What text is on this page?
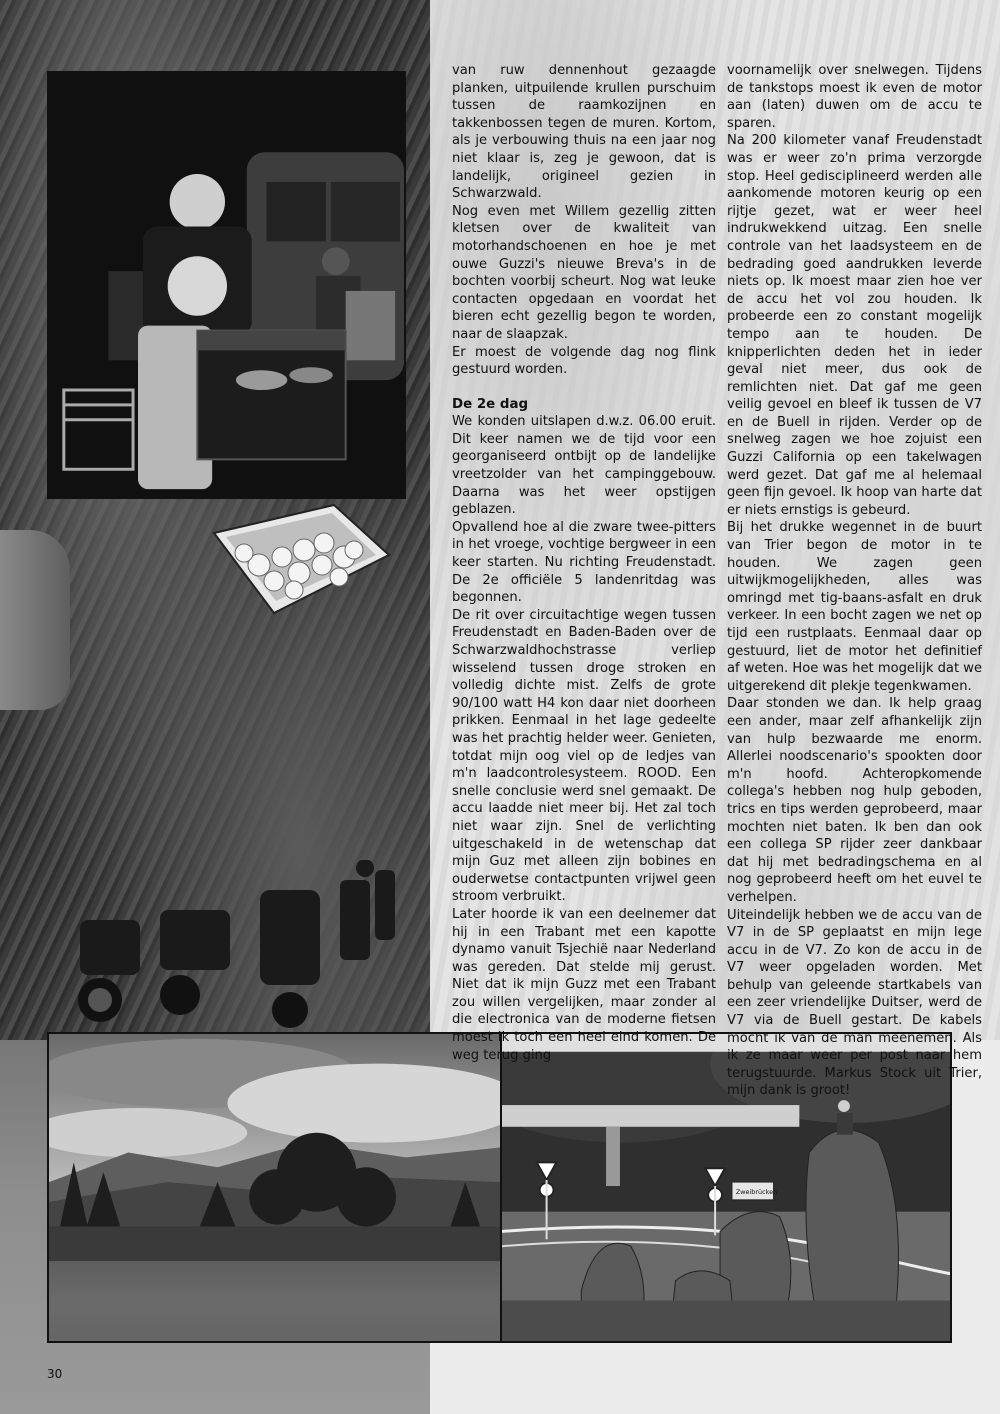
Zweibrücken

van ruw dennenhout gezaagde planken, uitpuilende krullen purschuim tussen de raamkozijnen en takkenbossen tegen de muren. Kortom, als je verbouwing thuis na een jaar nog niet klaar is, zeg je gewoon, dat is landelijk, origineel gezien in Schwarzwald.

Nog even met Willem gezellig zitten kletsen over de kwaliteit van motorhandschoenen en hoe je met ouwe Guzzi's nieuwe Breva's in de bochten voorbij scheurt. Nog wat leuke contacten opgedaan en voordat het bieren echt gezellig begon te worden, naar de slaapzak.

Er moest de volgende dag nog flink gestuurd worden.

De 2e dag

We konden uitslapen d.w.z. 06.00 eruit. Dit keer namen we de tijd voor een georganiseerd ontbijt op de landelijke vreetzolder van het campinggebouw. Daarna was het weer opstijgen geblazen.

Opvallend hoe al die zware twee-pitters in het vroege, vochtige bergweer in een keer starten. Nu richting Freudenstadt. De 2e officiële 5 landenritdag was begonnen.

De rit over circuitachtige wegen tussen Freudenstadt en Baden-Baden over de Schwarzwaldhochstrasse verliep wisselend tussen droge stroken en volledig dichte mist. Zelfs de grote 90/100 watt H4 kon daar niet doorheen prikken. Eenmaal in het lage gedeelte was het prachtig helder weer. Genieten, totdat mijn oog viel op de ledjes van m'n laadcontrolesysteem. ROOD. Een snelle conclusie werd snel gemaakt. De accu laadde niet meer bij. Het zal toch niet waar zijn. Snel de verlichting uitgeschakeld in de wetenschap dat mijn Guz met alleen zijn bobines en ouderwetse contactpunten vrijwel geen stroom verbruikt.

Later hoorde ik van een deelnemer dat hij in een Trabant met een kapotte dynamo vanuit Tsjechië naar Nederland was gereden. Dat stelde mij gerust. Niet dat ik mijn Guzz met een Trabant zou willen vergelijken, maar zonder al die electronica van de moderne fietsen moest ik toch een heel eind komen. De weg terug ging

voornamelijk over snelwegen. Tijdens de tankstops moest ik even de motor aan (laten) duwen om de accu te sparen.

Na 200 kilometer vanaf Freudenstadt was er weer zo'n prima verzorgde stop. Heel gedisciplineerd werden alle aankomende motoren keurig op een rijtje gezet, wat er weer heel indrukwekkend uitzag. Een snelle controle van het laadsysteem en de bedrading goed aandrukken leverde niets op. Ik moest maar zien hoe ver de accu het vol zou houden. Ik probeerde een zo constant mogelijk tempo aan te houden. De knipperlichten deden het in ieder geval niet meer, dus ook de remlichten niet. Dat gaf me geen veilig gevoel en bleef ik tussen de V7 en de Buell in rijden. Verder op de snelweg zagen we hoe zojuist een Guzzi California op een takelwagen werd gezet. Dat gaf me al helemaal geen fijn gevoel. Ik hoop van harte dat er niets ernstigs is gebeurd.

Bij het drukke wegennet in de buurt van Trier begon de motor in te houden. We zagen geen uitwijkmogelijkheden, alles was omringd met tig-baans-asfalt en druk verkeer. In een bocht zagen we net op tijd een rustplaats. Eenmaal daar op gestuurd, liet de motor het definitief af weten. Hoe was het mogelijk dat we uitgerekend dit plekje tegenkwamen.

Daar stonden we dan. Ik help graag een ander, maar zelf afhankelijk zijn van hulp bezwaarde me enorm. Allerlei noodscenario's spookten door m'n hoofd. Achteropkomende collega's hebben nog hulp geboden, trics en tips werden geprobeerd, maar mochten niet baten. Ik ben dan ook een collega SP rijder zeer dankbaar dat hij met bedradingschema en al nog geprobeerd heeft om het euvel te verhelpen.

Uiteindelijk hebben we de accu van de V7 in de SP geplaatst en mijn lege accu in de V7. Zo kon de accu in de V7 weer opgeladen worden. Met behulp van geleende startkabels van een zeer vriendelijke Duitser, werd de V7 via de Buell gestart. De kabels mocht ik van de man meenemen. Als ik ze maar weer per post naar hem terugstuurde. Markus Stock uit Trier, mijn dank is groot!

30
